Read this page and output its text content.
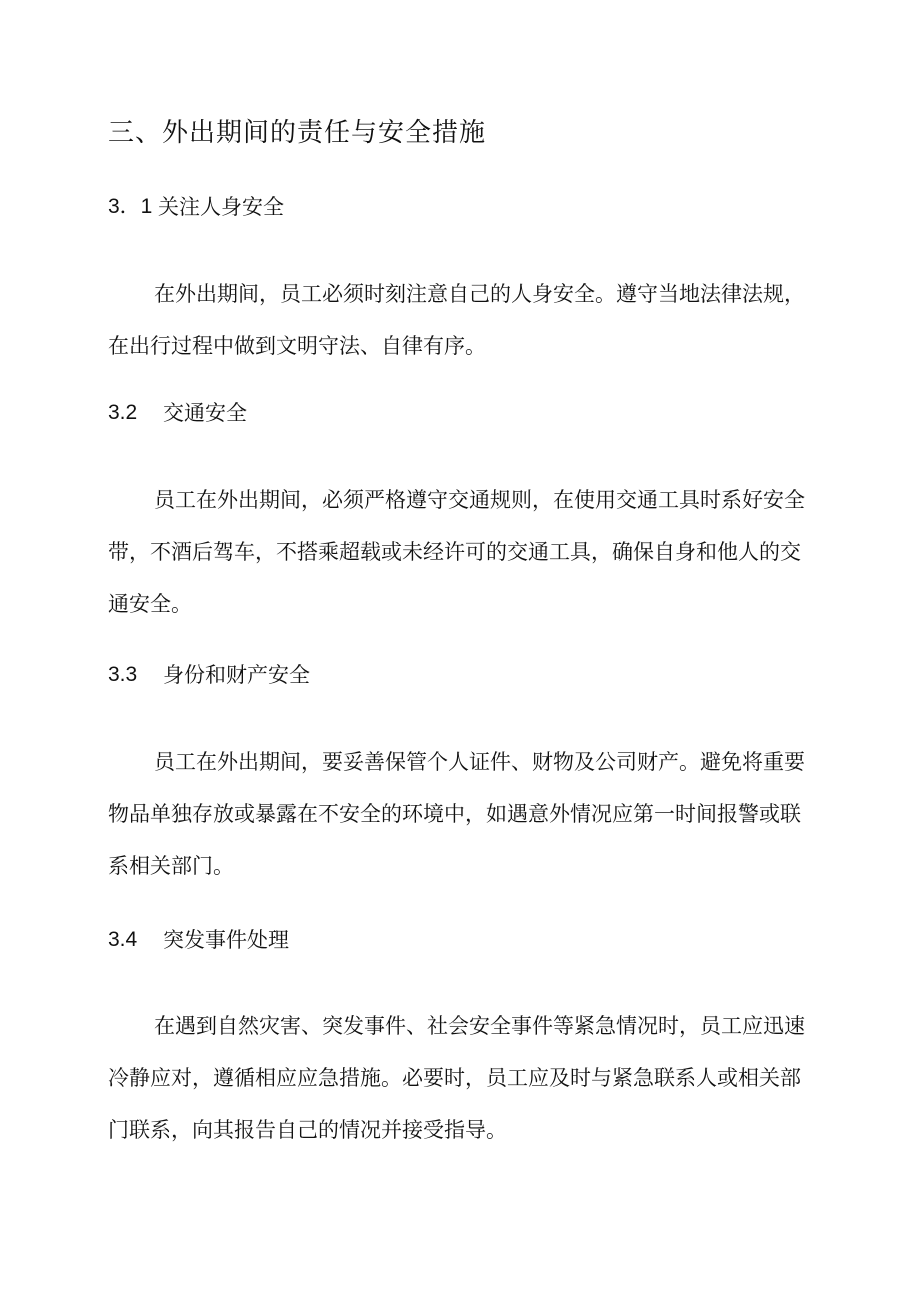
三、外出期间的责任与安全措施
3．1 关注人身安全
在外出期间，员工必须时刻注意自己的人身安全。遵守当地法律法规，
在出行过程中做到文明守法、自律有序。
3.2	交通安全
员工在外出期间，必须严格遵守交通规则，在使用交通工具时系好安全
带，不酒后驾车，不搭乘超载或未经许可的交通工具，确保自身和他人的交
通安全。
3.3	身份和财产安全
员工在外出期间，要妥善保管个人证件、财物及公司财产。避免将重要
物品单独存放或暴露在不安全的环境中，如遇意外情况应第一时间报警或联
系相关部门。
3.4	突发事件处理
在遇到自然灾害、突发事件、社会安全事件等紧急情况时，员工应迅速
冷静应对，遵循相应应急措施。必要时，员工应及时与紧急联系人或相关部
门联系，向其报告自己的情况并接受指导。
